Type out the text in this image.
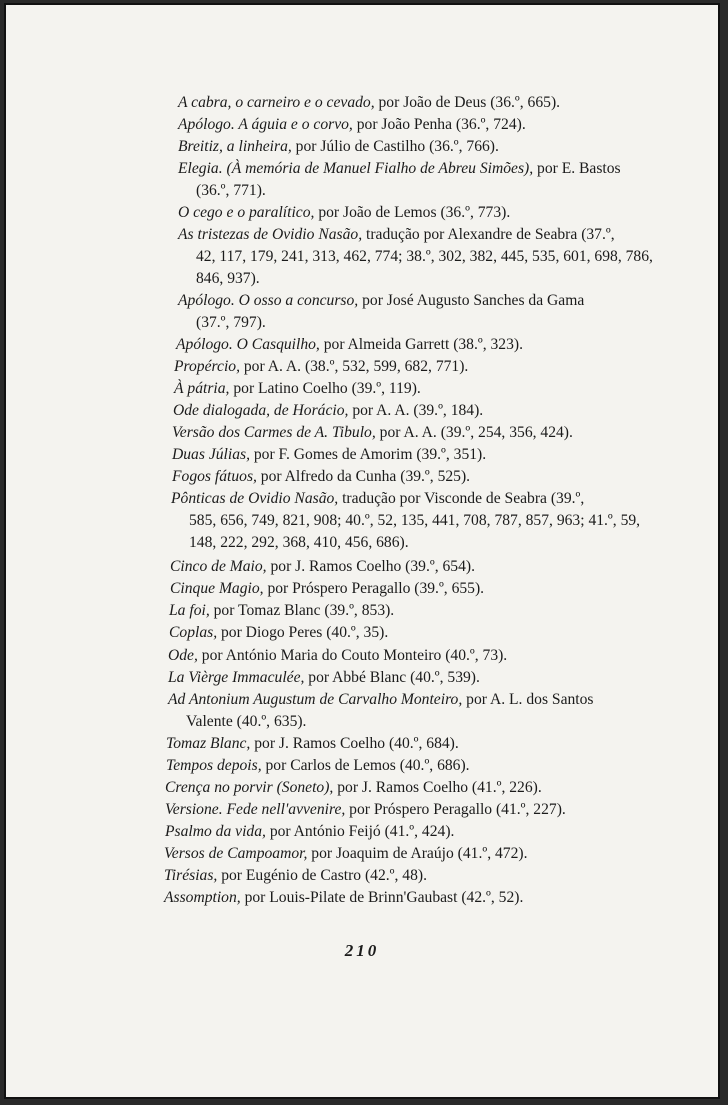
A cabra, o carneiro e o cevado, por João de Deus (36.º, 665).
Apólogo. A águia e o corvo, por João Penha (36.º, 724).
Breitiz, a linheira, por Júlio de Castilho (36.º, 766).
Elegia. (À memória de Manuel Fialho de Abreu Simões), por E. Bastos
(36.º, 771).
O cego e o paralítico, por João de Lemos (36.º, 773).
As tristezas de Ovidio Nasão, tradução por Alexandre de Seabra (37.º,
42, 117, 179, 241, 313, 462, 774; 38.º, 302, 382, 445, 535, 601, 698, 786,
846, 937).
Apólogo. O osso a concurso, por José Augusto Sanches da Gama
(37.º, 797).
Apólogo. O Casquilho, por Almeida Garrett (38.º, 323).
Propércio, por A. A. (38.º, 532, 599, 682, 771).
À pátria, por Latino Coelho (39.º, 119).
Ode dialogada, de Horácio, por A. A. (39.º, 184).
Versão dos Carmes de A. Tibulo, por A. A. (39.º, 254, 356, 424).
Duas Júlias, por F. Gomes de Amorim (39.º, 351).
Fogos fátuos, por Alfredo da Cunha (39.º, 525).
Pônticas de Ovidio Nasão, tradução por Visconde de Seabra (39.º,
585, 656, 749, 821, 908; 40.º, 52, 135, 441, 708, 787, 857, 963; 41.º, 59,
148, 222, 292, 368, 410, 456, 686).
Cinco de Maio, por J. Ramos Coelho (39.º, 654).
Cinque Magio, por Próspero Peragallo (39.º, 655).
La foi, por Tomaz Blanc (39.º, 853).
Coplas, por Diogo Peres (40.º, 35).
Ode, por António Maria do Couto Monteiro (40.º, 73).
La Vièrge Immaculée, por Abbé Blanc (40.º, 539).
Ad Antonium Augustum de Carvalho Monteiro, por A. L. dos Santos
Valente (40.º, 635).
Tomaz Blanc, por J. Ramos Coelho (40.º, 684).
Tempos depois, por Carlos de Lemos (40.º, 686).
Crença no porvir (Soneto), por J. Ramos Coelho (41.º, 226).
Versione. Fede nell'avvenire, por Próspero Peragallo (41.º, 227).
Psalmo da vida, por António Feijó (41.º, 424).
Versos de Campoamor, por Joaquim de Araújo (41.º, 472).
Tirésias, por Eugénio de Castro (42.º, 48).
Assomption, por Louis-Pilate de Brinn'Gaubast (42.º, 52).
210
